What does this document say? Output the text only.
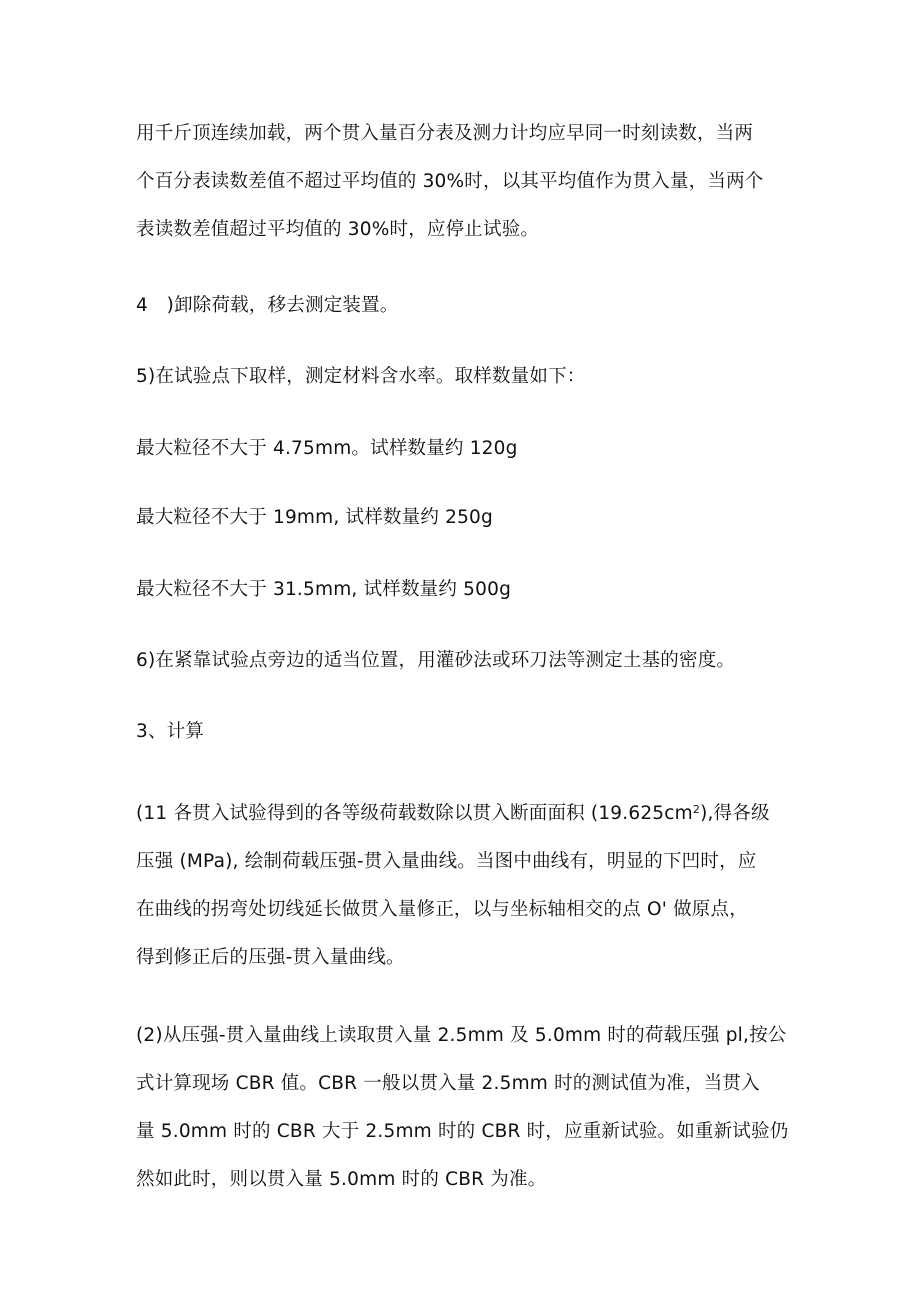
用千斤顶连续加载，两个贯入量百分表及测力计均应早同一时刻读数，当两
个百分表读数差值不超过平均值的 30%时，以其平均值作为贯入量，当两个
表读数差值超过平均值的 30%时，应停止试验。

4　)卸除荷载，移去测定装置。

5)在试验点下取样，测定材料含水率。取样数量如下：

最大粒径不大于 4.75mm。试样数量约 120g

最大粒径不大于 19mm, 试样数量约 250g

最大粒径不大于 31.5mm, 试样数量约 500g

6)在紧靠试验点旁边的适当位置，用灌砂法或环刀法等测定土基的密度。

3、计算

(11 各贯入试验得到的各等级荷载数除以贯入断面面积 $(19.625cm^2)$,得各级
压强 (MPa), 绘制荷载压强-贯入量曲线。当图中曲线有，明显的下凹时，应
在曲线的拐弯处切线延长做贯入量修正，以与坐标轴相交的点 O' 做原点，
得到修正后的压强-贯入量曲线。

(2)从压强-贯入量曲线上读取贯入量 2.5mm 及 5.0mm 时的荷载压强 pl,按公
式计算现场 CBR 值。CBR 一般以贯入量 2.5mm 时的测试值为准，当贯入
量 5.0mm 时的 CBR 大于 2.5mm 时的 CBR 时，应重新试验。如重新试验仍
然如此时，则以贯入量 5.0mm 时的 CBR 为准。
